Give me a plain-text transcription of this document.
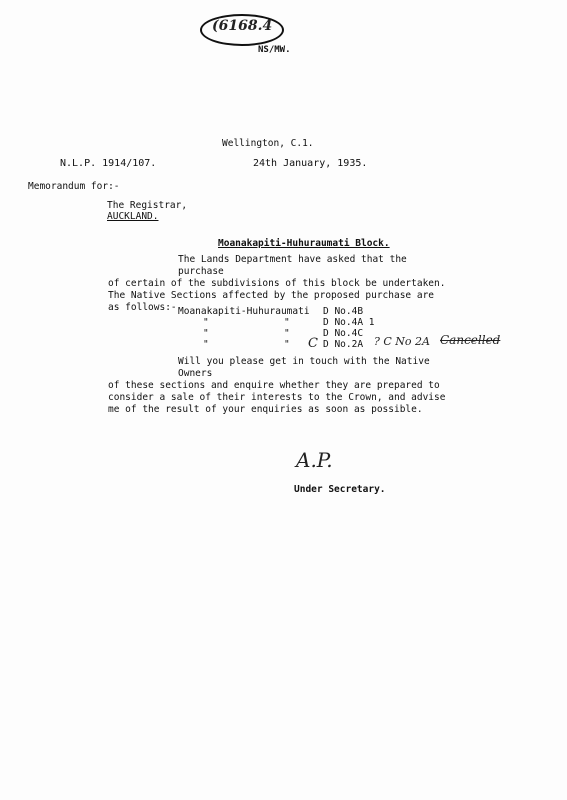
(6168.4
NS/MW.
Wellington, C.1.
N.L.P. 1914/107.	24th January, 1935.
Memorandum for:-
The Registrar,
AUCKLAND.
Moanakapiti-Huhuraumati Block.
The Lands Department have asked that the purchase
of certain of the subdivisions of this block be undertaken.
The Native Sections affected by the proposed purchase are
as follows:- Moanakapiti-Huhuraumati D No.4B
"	"	D No.4A 1
"	"	D No.4C
"	" C D No.2A ? C No 2A Cancelled
Will you please get in touch with the Native Owners
of these sections and enquire whether they are prepared to
consider a sale of their interests to the Crown, and advise
me of the result of your enquiries as soon as possible.
A.P.
Under Secretary.
